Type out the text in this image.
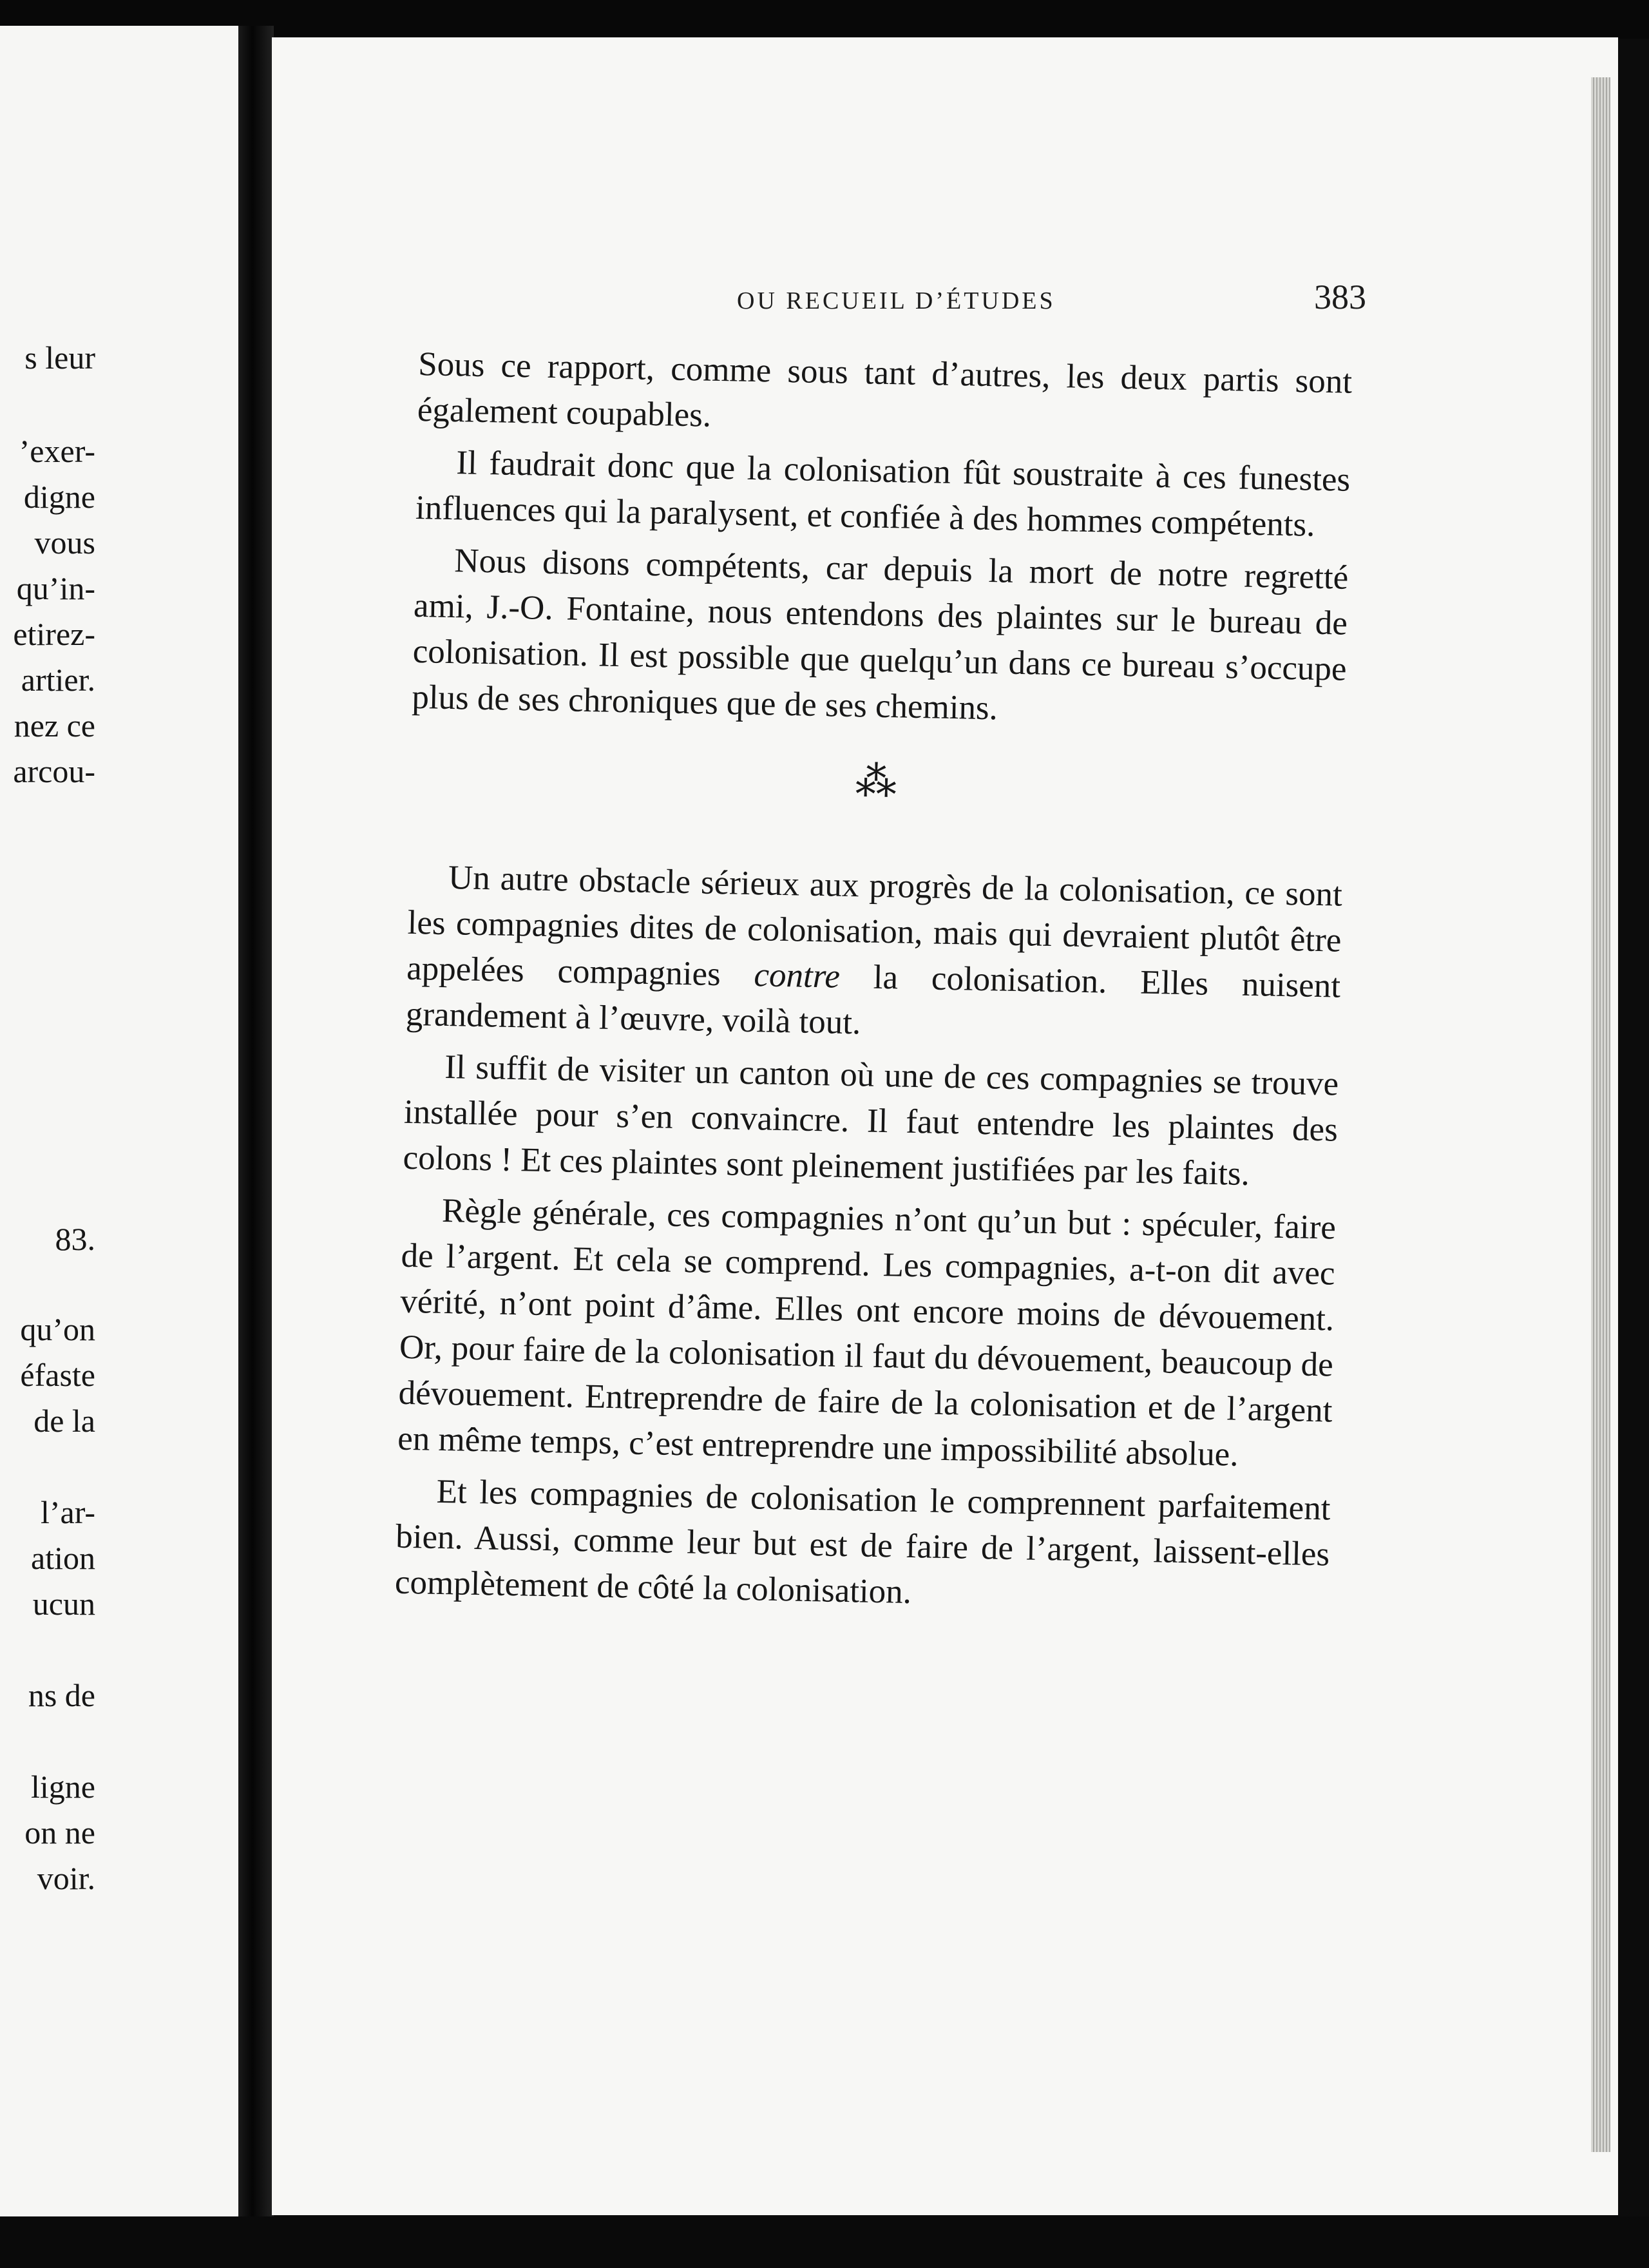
s leur
’exer-
digne
vous
qu’in-
etirez-
artier.
nez ce
arcou-
83.
qu’on
éfaste
de la
l’ar-
ation
ucun
ns de
ligne
on ne
voir.
OU RECUEIL D’ÉTUDES	383

Sous ce rapport, comme sous tant d’autres, les deux partis sont également coupables.

Il faudrait donc que la colonisation fût soustraite à ces funestes influences qui la paralysent, et confiée à des hommes compétents.

Nous disons compétents, car depuis la mort de notre regretté ami, J.-O. Fontaine, nous entendons des plaintes sur le bureau de colonisation. Il est possible que quelqu’un dans ce bureau s’occupe plus de ses chroniques que de ses chemins.

⁂

Un autre obstacle sérieux aux progrès de la colonisation, ce sont les compagnies dites de colonisation, mais qui devraient plutôt être appelées compagnies contre la colonisation. Elles nuisent grandement à l’œuvre, voilà tout.

Il suffit de visiter un canton où une de ces compagnies se trouve installée pour s’en convaincre. Il faut entendre les plaintes des colons ! Et ces plaintes sont pleinement justifiées par les faits.

Règle générale, ces compagnies n’ont qu’un but : spéculer, faire de l’argent. Et cela se comprend. Les compagnies, a-t-on dit avec vérité, n’ont point d’âme. Elles ont encore moins de dévouement. Or, pour faire de la colonisation il faut du dévouement, beaucoup de dévouement. Entreprendre de faire de la colonisation et de l’argent en même temps, c’est entreprendre une impossibilité absolue.

Et les compagnies de colonisation le comprennent parfaitement bien. Aussi, comme leur but est de faire de l’argent, laissent-elles complètement de côté la colonisation.
